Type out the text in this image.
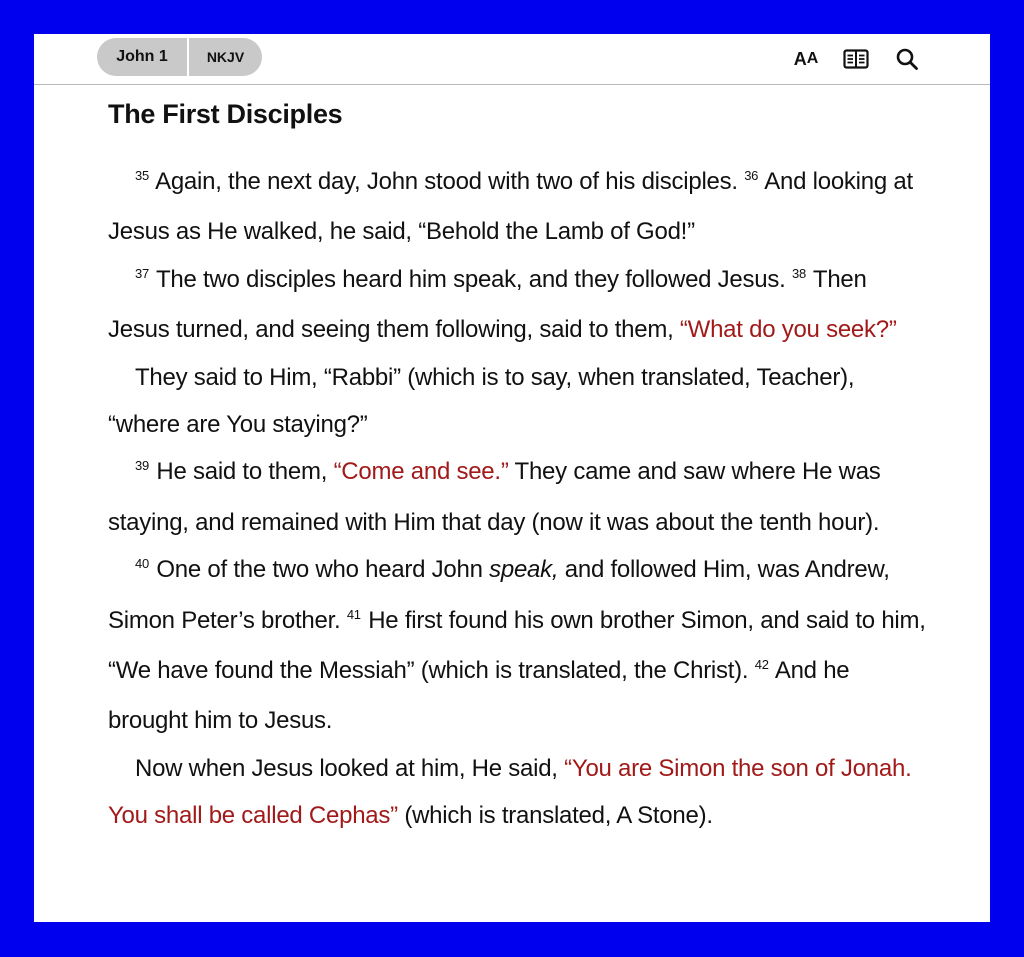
John 1	NKJV	A A
The First Disciples

$^{35}$ Again, the next day, John stood with two of his disciples. $^{36}$ And looking at Jesus as He walked, he said, “Behold the Lamb of God!”

$^{37}$ The two disciples heard him speak, and they followed Jesus. $^{38}$ Then Jesus turned, and seeing them following, said to them, “What do you seek?”

They said to Him, “Rabbi” (which is to say, when translated, Teacher), “where are You staying?”

$^{39}$ He said to them, “Come and see.” They came and saw where He was staying, and remained with Him that day (now it was about the tenth hour).

$^{40}$ One of the two who heard John speak, and followed Him, was Andrew, Simon Peter’s brother. $^{41}$ He first found his own brother Simon, and said to him, “We have found the Messiah” (which is translated, the Christ). $^{42}$ And he brought him to Jesus.

Now when Jesus looked at him, He said, “You are Simon the son of Jonah. You shall be called Cephas” (which is translated, A Stone).
